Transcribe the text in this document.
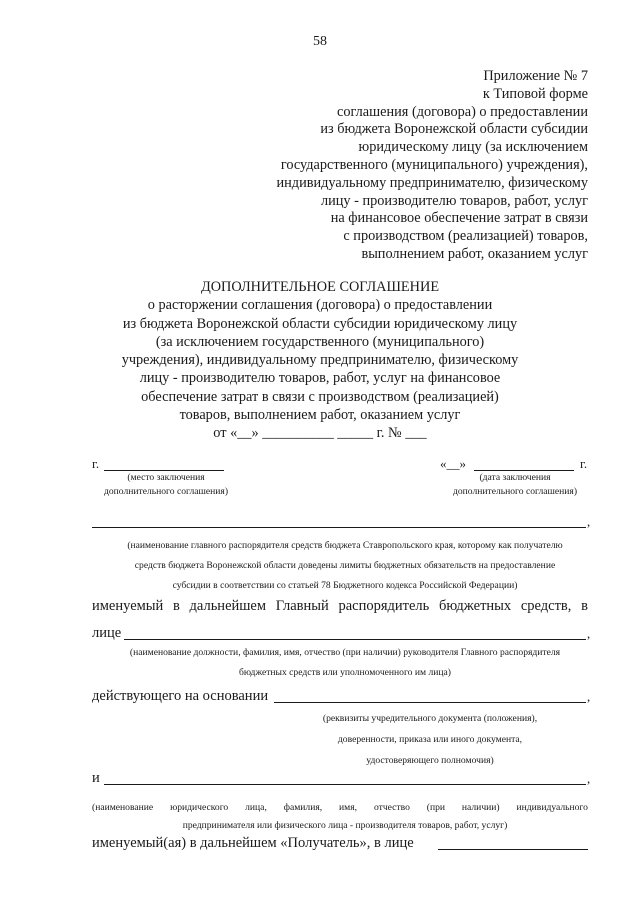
58
Приложение № 7
к Типовой форме
соглашения (договора) о предоставлении
из бюджета Воронежской области субсидии
юридическому лицу (за исключением
государственного (муниципального) учреждения),
индивидуальному предпринимателю, физическому
лицу - производителю товаров, работ, услуг
на финансовое обеспечение затрат в связи
с производством (реализацией) товаров,
выполнением работ, оказанием услуг
ДОПОЛНИТЕЛЬНОЕ СОГЛАШЕНИЕ
о расторжении соглашения (договора) о предоставлении
из бюджета Воронежской области субсидии юридическому лицу
(за исключением государственного (муниципального)
учреждения), индивидуальному предпринимателю, физическому
лицу - производителю товаров, работ, услуг на финансовое
обеспечение затрат в связи с производством (реализацией)
товаров, выполнением работ, оказанием услуг
от «__» __________ _____ г. № ___
г.
(место заключения
дополнительного соглашения)
«__»	г.
(дата заключения
дополнительного соглашения)
,
(наименование главного распорядителя средств бюджета Ставропольского края, которому как получателю
средств бюджета Воронежской области доведены лимиты бюджетных обязательств на предоставление
субсидии в соответствии со статьей 78 Бюджетного кодекса Российской Федерации)
именуемый в дальнейшем Главный распорядитель бюджетных средств, в
лице	,
(наименование должности, фамилия, имя, отчество (при наличии) руководителя Главного распорядителя
бюджетных средств или уполномоченного им лица)
действующего на основании	,
(реквизиты учредительного документа (положения),
доверенности, приказа или иного документа,
удостоверяющего полномочия)
и	,
(наименование юридического лица, фамилия, имя, отчество (при наличии) индивидуального
предпринимателя или физического лица - производителя товаров, работ, услуг)
именуемый(ая) в дальнейшем «Получатель», в лице
